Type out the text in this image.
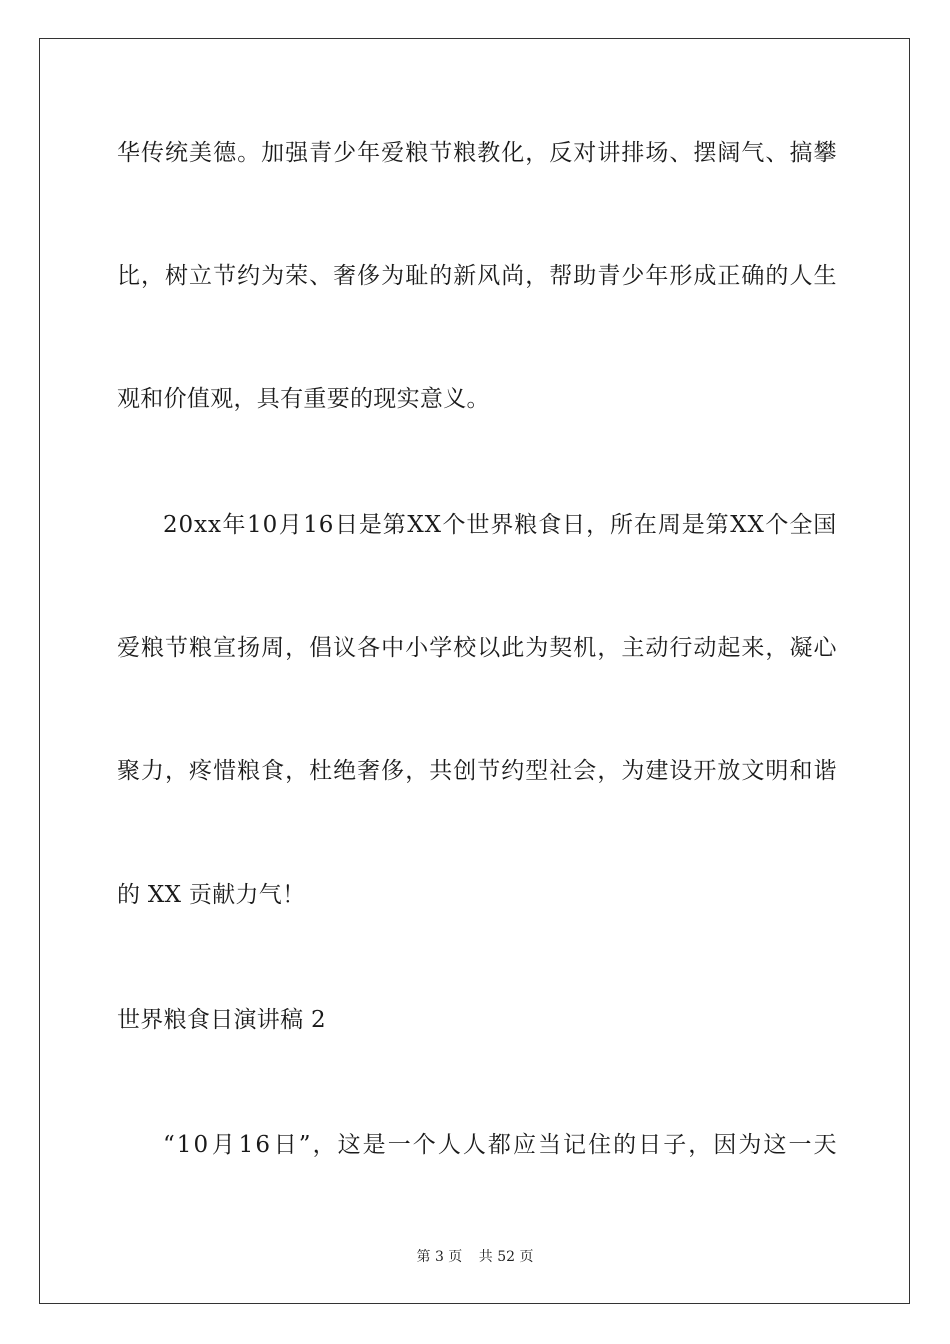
华 传 统 美 德 。 加 强 青 少 年 爱 粮 节 粮 教 化 ， 反 对 讲 排 场 、 摆 阔 气 、 搞 攀
比 ， 树 立 节 约 为 荣 、 奢 侈 为 耻 的 新 风 尚 ， 帮 助 青 少 年 形 成 正 确 的 人 生
观和价值观，具有重要的现实意义。
2 0 x x 年 1 0 月 1 6 日 是 第 X X 个 世 界 粮 食 日 ， 所 在 周 是 第 X X 个 全 国
爱 粮 节 粮 宣 扬 周 ， 倡 议 各 中 小 学 校 以 此 为 契 机 ， 主 动 行 动 起 来 ， 凝 心
聚 力 ， 疼 惜 粮 食 ， 杜 绝 奢 侈 ， 共 创 节 约 型 社 会 ， 为 建 设 开 放 文 明 和 谐
的 XX 贡献力气！
世界粮食日演讲稿 2
“ 1 0 月 1 6 日 ” ， 这 是 一 个 人 人 都 应 当 记 住 的 日 子 ， 因 为 这 一 天
第 3 页 共 52 页
